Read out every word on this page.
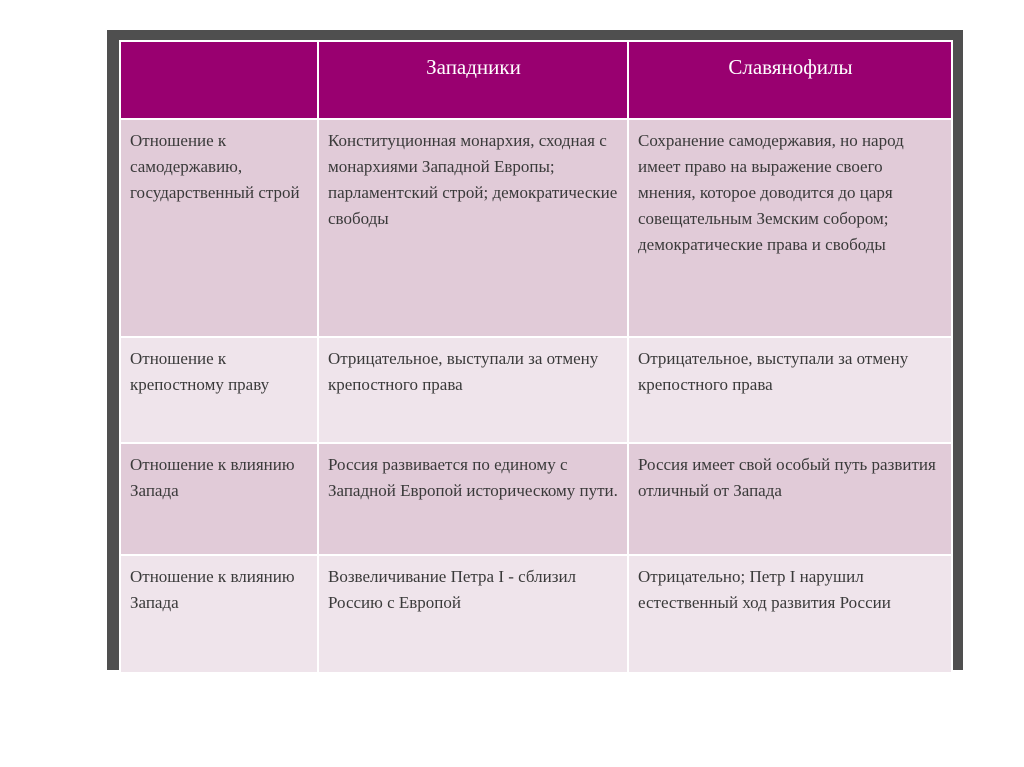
	Западники	Славянофилы
Отношение к самодержавию, государственный строй	Конституционная монархия, сходная с монархиями Западной Европы; парламентский строй; демократические свободы	Сохранение самодержавия, но народ имеет право на выражение своего мнения, которое доводится до царя совещательным Земским собором; демократические права и свободы
Отношение к крепостному праву	Отрицательное, выступали за отмену крепостного права	Отрицательное, выступали за отмену крепостного права
Отношение к влиянию Запада	Россия развивается по единому с Западной Европой историческому пути.	Россия имеет свой особый путь развития отличный от Запада
Отношение к влиянию Запада	Возвеличивание Петра I - сблизил Россию с Европой	Отрицательно; Петр I нарушил естественный ход развития России
